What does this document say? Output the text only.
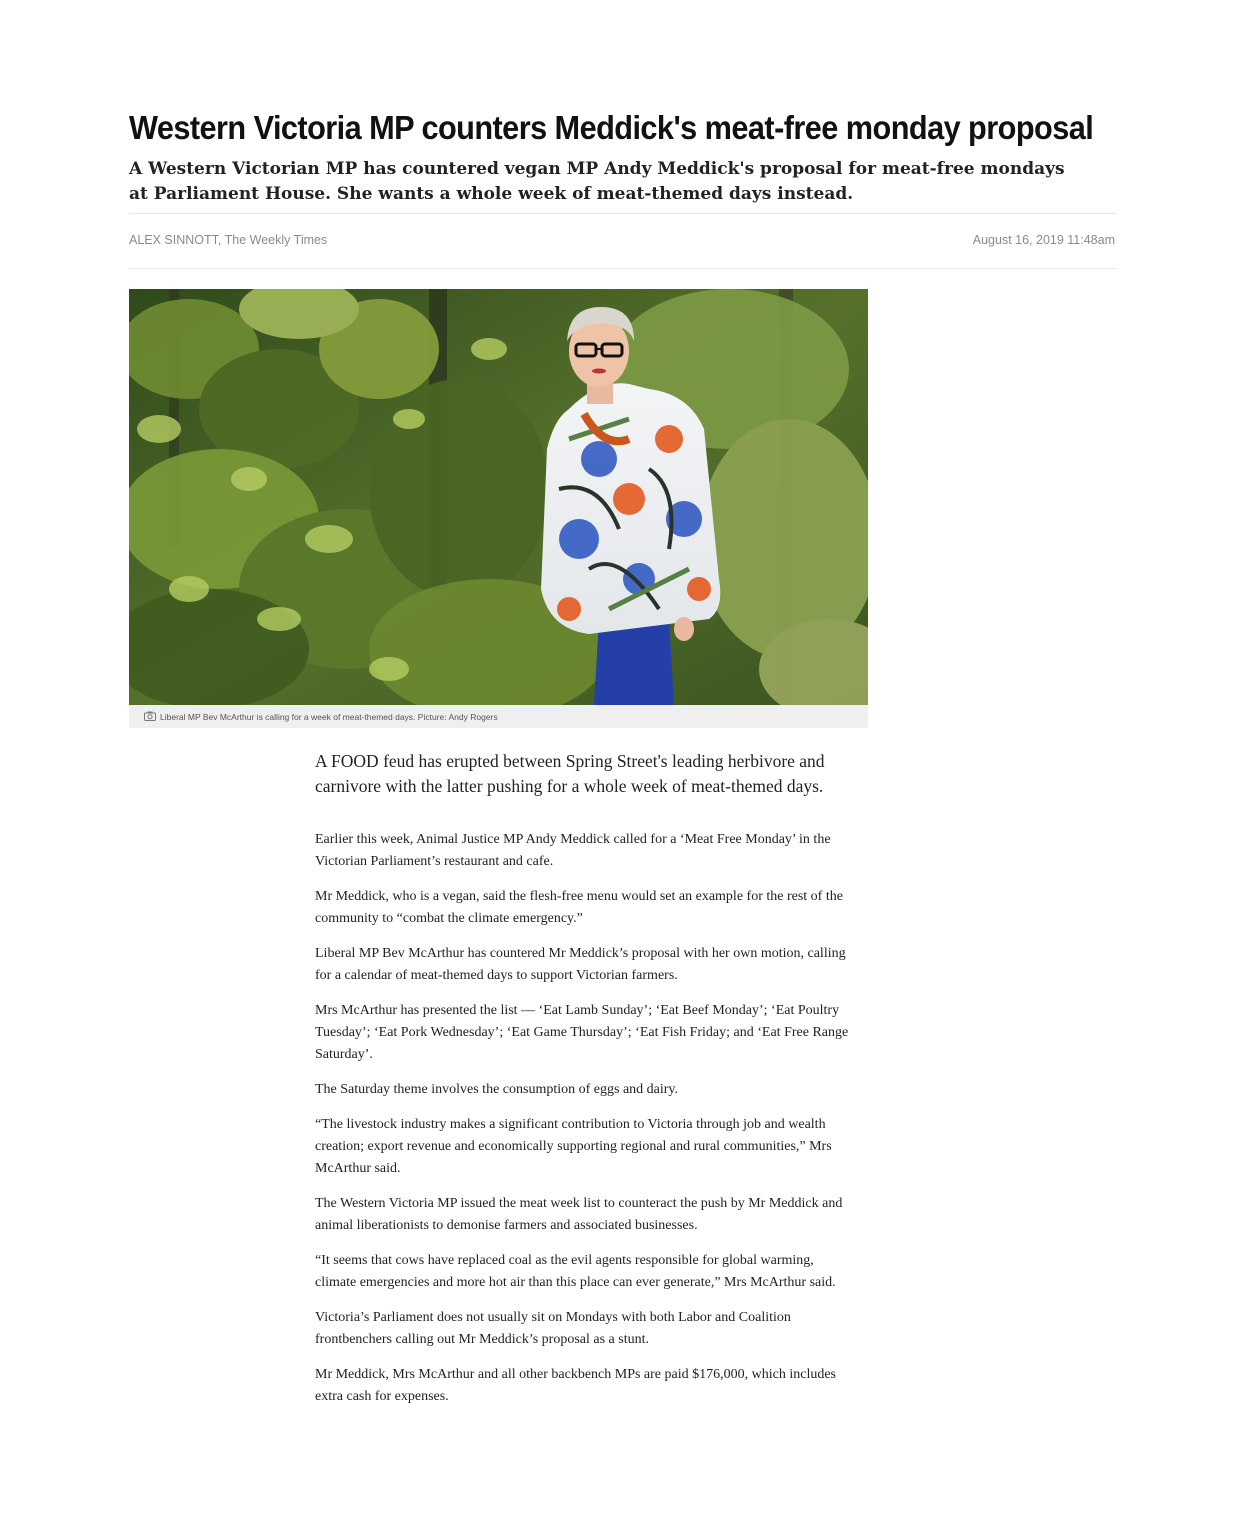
Western Victoria MP counters Meddick's meat-free monday proposal

A Western Victorian MP has countered vegan MP Andy Meddick's proposal for meat-free mondays at Parliament House. She wants a whole week of meat-themed days instead.

ALEX SINNOTT, The Weekly Times	August 16, 2019 11:48am
Liberal MP Bev McArthur is calling for a week of meat-themed days. Picture: Andy Rogers

A FOOD feud has erupted between Spring Street's leading herbivore and carnivore with the latter pushing for a whole week of meat-themed days.

Earlier this week, Animal Justice MP Andy Meddick called for a ‘Meat Free Monday’ in the Victorian Parliament’s restaurant and cafe.

Mr Meddick, who is a vegan, said the flesh-free menu would set an example for the rest of the community to “combat the climate emergency.”

Liberal MP Bev McArthur has countered Mr Meddick’s proposal with her own motion, calling for a calendar of meat-themed days to support Victorian farmers.

Mrs McArthur has presented the list — ‘Eat Lamb Sunday’; ‘Eat Beef Monday’; ‘Eat Poultry Tuesday’; ‘Eat Pork Wednesday’; ‘Eat Game Thursday’; ‘Eat Fish Friday; and ‘Eat Free Range Saturday’.

The Saturday theme involves the consumption of eggs and dairy.

“The livestock industry makes a significant contribution to Victoria through job and wealth creation; export revenue and economically supporting regional and rural communities,” Mrs McArthur said.

The Western Victoria MP issued the meat week list to counteract the push by Mr Meddick and animal liberationists to demonise farmers and associated businesses.

“It seems that cows have replaced coal as the evil agents responsible for global warming, climate emergencies and more hot air than this place can ever generate,” Mrs McArthur said.

Victoria’s Parliament does not usually sit on Mondays with both Labor and Coalition frontbenchers calling out Mr Meddick’s proposal as a stunt.

Mr Meddick, Mrs McArthur and all other backbench MPs are paid $176,000, which includes extra cash for expenses.
